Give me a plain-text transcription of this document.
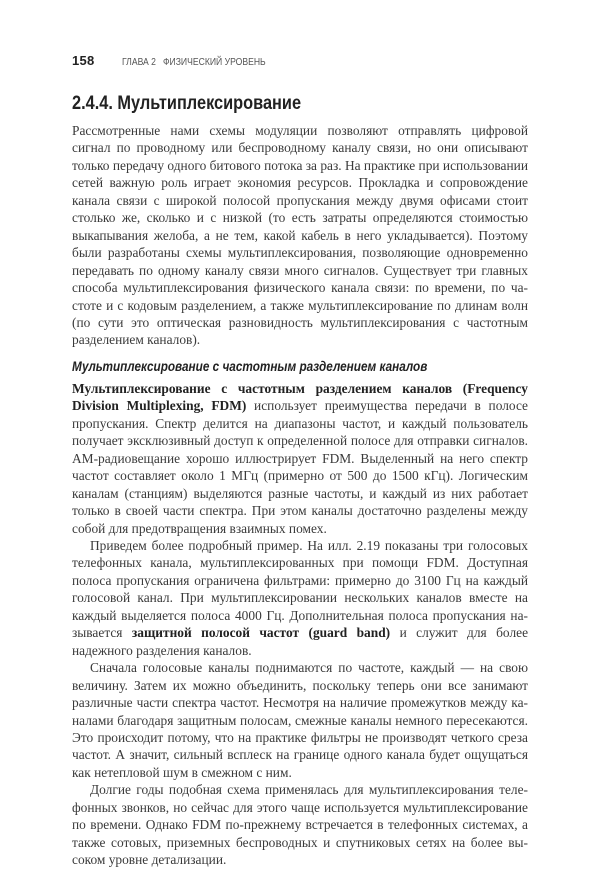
158	ГЛАВА 2 ФИЗИЧЕСКИЙ УРОВЕНЬ
2.4.4. Мультиплексирование

Рассмотренные нами схемы модуляции позволяют отправлять цифровой сигнал по проводному или беспроводному каналу связи, но они описывают только передачу одного битового потока за раз. На практике при использовании сетей важную роль играет экономия ресурсов. Прокладка и сопровождение канала связи с широкой полосой пропускания между двумя офисами стоит столько же, сколько и с низкой (то есть затраты определяются стоимостью выкапывания желоба, а не тем, какой кабель в него укладывается). Поэтому были разработаны схемы мультиплексирования, позволяющие одновременно передавать по одному каналу связи много сигналов. Существует три главных способа мультиплексирования физического канала связи: по времени, по частоте и с кодовым разделением, а также мультиплексирование по длинам волн (по сути это оптическая разновидность мультиплексирования с частотным разделением каналов).

Мультиплексирование с частотным разделением каналов

Мультиплексирование с частотным разделением каналов (Frequency Division Multiplexing, FDM) использует преимущества передачи в полосе пропускания. Спектр делится на диапазоны частот, и каждый пользователь получает эксклюзивный доступ к определенной полосе для отправки сигналов. АМ-радиовещание хорошо иллюстрирует FDM. Выделенный на него спектр частот составляет около 1 МГц (примерно от 500 до 1500 кГц). Логическим каналам (станциям) выделяются разные частоты, и каждый из них работает только в своей части спектра. При этом каналы достаточно разделены между собой для предотвращения взаимных помех.

Приведем более подробный пример. На илл. 2.19 показаны три голосовых телефонных канала, мультиплексированных при помощи FDM. Доступная полоса пропускания ограничена фильтрами: примерно до 3100 Гц на каждый голосовой канал. При мультиплексировании нескольких каналов вместе на каждый выделяется полоса 4000 Гц. Дополнительная полоса пропускания называется защитной полосой частот (guard band) и служит для более надежного разделения каналов.

Сначала голосовые каналы поднимаются по частоте, каждый — на свою величину. Затем их можно объединить, поскольку теперь они все занимают различные части спектра частот. Несмотря на наличие промежутков между каналами благодаря защитным полосам, смежные каналы немного пересекаются. Это происходит потому, что на практике фильтры не производят четкого среза частот. А значит, сильный всплеск на границе одного канала будет ощущаться как нетепловой шум в смежном с ним.

Долгие годы подобная схема применялась для мультиплексирования телефонных звонков, но сейчас для этого чаще используется мультиплексирование по времени. Однако FDM по-прежнему встречается в телефонных системах, а также сотовых, приземных беспроводных и спутниковых сетях на более высоком уровне детализации.
